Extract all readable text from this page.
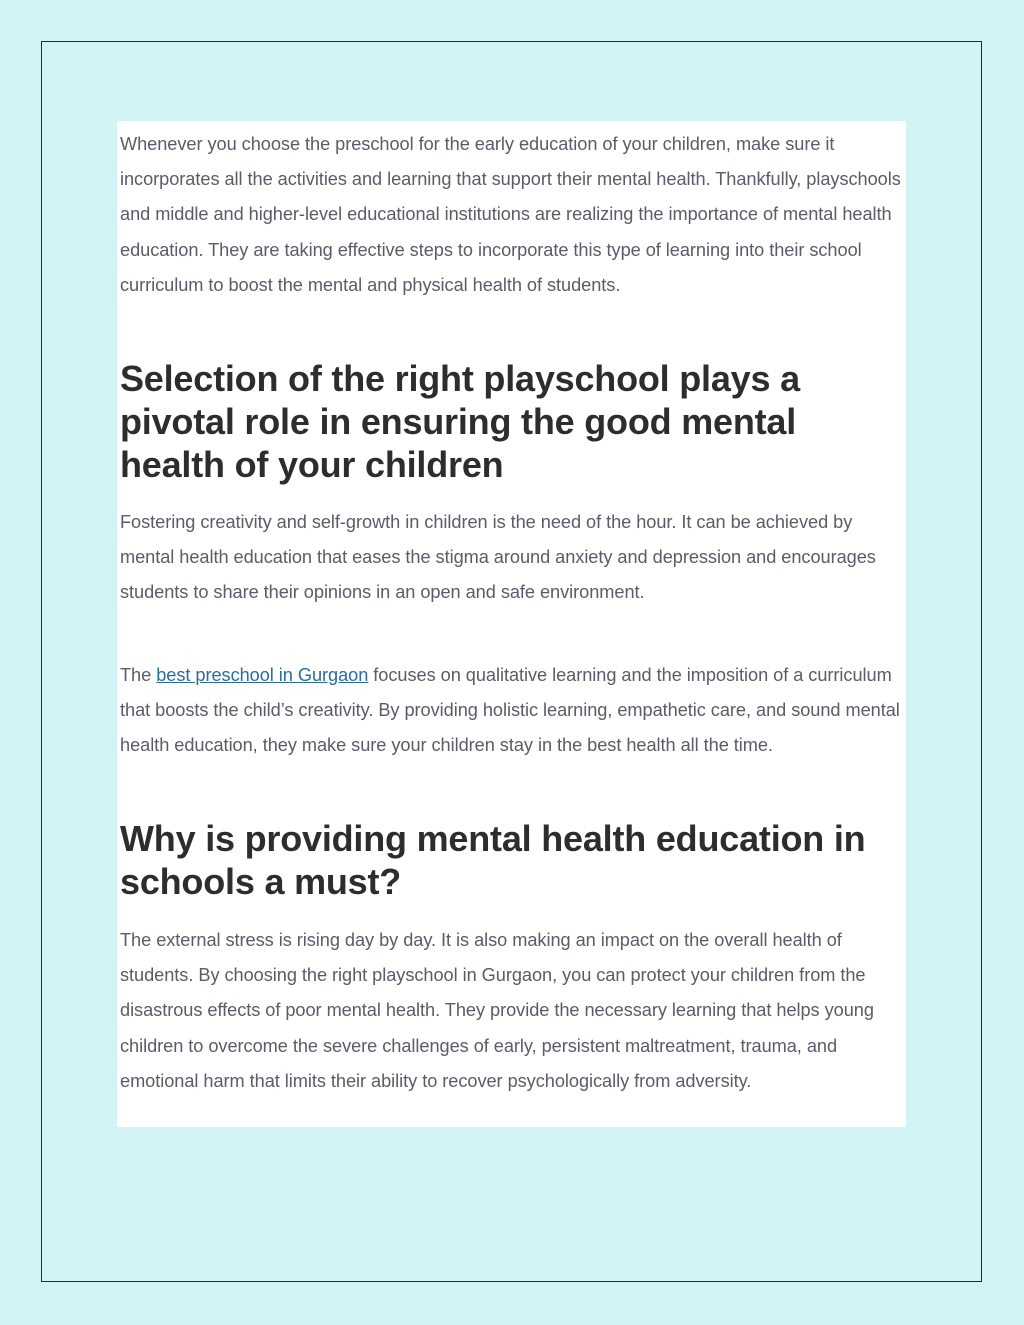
Whenever you choose the preschool for the early education of your children, make sure it incorporates all the activities and learning that support their mental health. Thankfully, playschools and middle and higher-level educational institutions are realizing the importance of mental health education. They are taking effective steps to incorporate this type of learning into their school curriculum to boost the mental and physical health of students.

Selection of the right playschool plays a pivotal role in ensuring the good mental health of your children

Fostering creativity and self-growth in children is the need of the hour. It can be achieved by mental health education that eases the stigma around anxiety and depression and encourages students to share their opinions in an open and safe environment.

The best preschool in Gurgaon focuses on qualitative learning and the imposition of a curriculum that boosts the child’s creativity. By providing holistic learning, empathetic care, and sound mental health education, they make sure your children stay in the best health all the time.

Why is providing mental health education in schools a must?

The external stress is rising day by day. It is also making an impact on the overall health of students. By choosing the right playschool in Gurgaon, you can protect your children from the disastrous effects of poor mental health. They provide the necessary learning that helps young children to overcome the severe challenges of early, persistent maltreatment, trauma, and emotional harm that limits their ability to recover psychologically from adversity.
